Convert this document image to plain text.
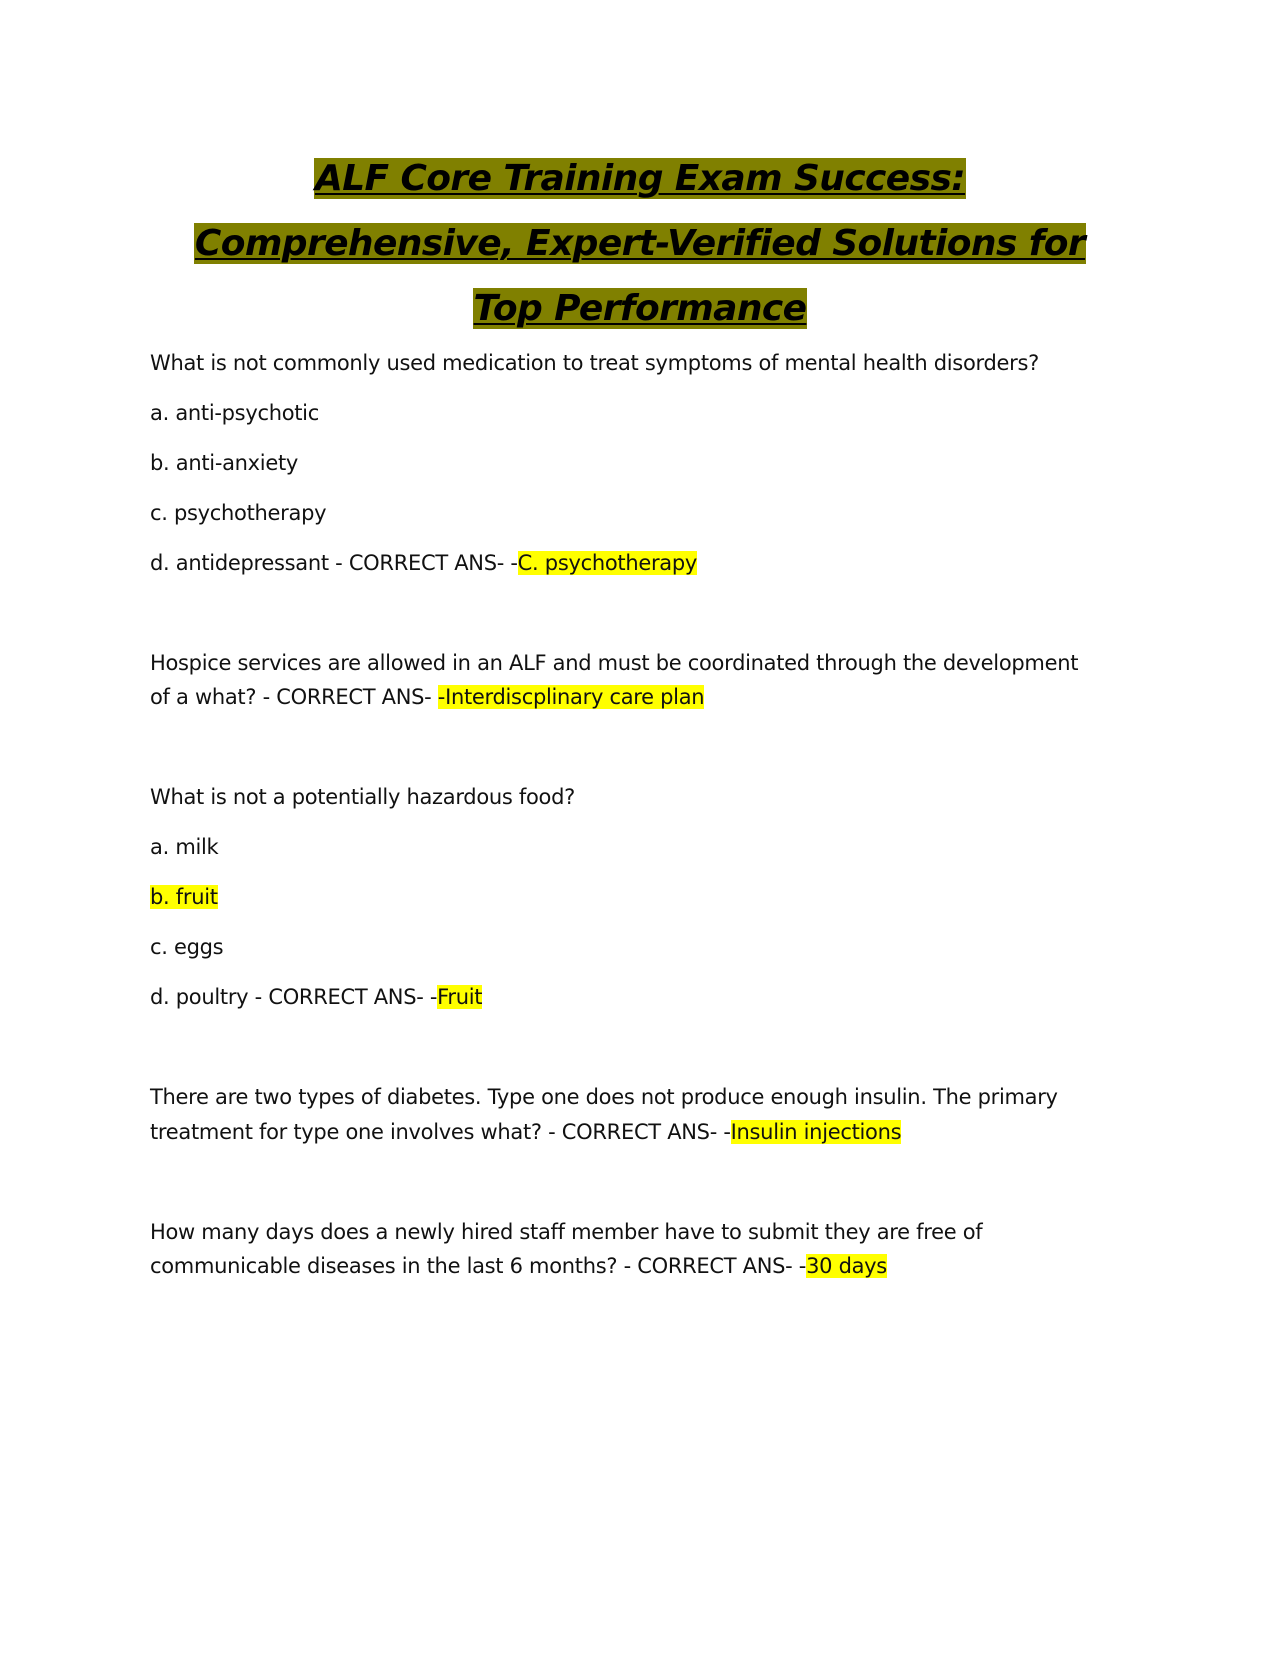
ALF Core Training Exam Success:
Comprehensive, Expert-Verified Solutions for
Top Performance
What is not commonly used medication to treat symptoms of mental health disorders?
a. anti-psychotic
b. anti-anxiety
c. psychotherapy
d. antidepressant - CORRECT ANS- -C. psychotherapy
Hospice services are allowed in an ALF and must be coordinated through the development
of a what? - CORRECT ANS- -Interdiscplinary care plan
What is not a potentially hazardous food?
a. milk
b. fruit
c. eggs
d. poultry - CORRECT ANS- -Fruit
There are two types of diabetes. Type one does not produce enough insulin. The primary
treatment for type one involves what? - CORRECT ANS- -Insulin injections
How many days does a newly hired staff member have to submit they are free of
communicable diseases in the last 6 months? - CORRECT ANS- -30 days
